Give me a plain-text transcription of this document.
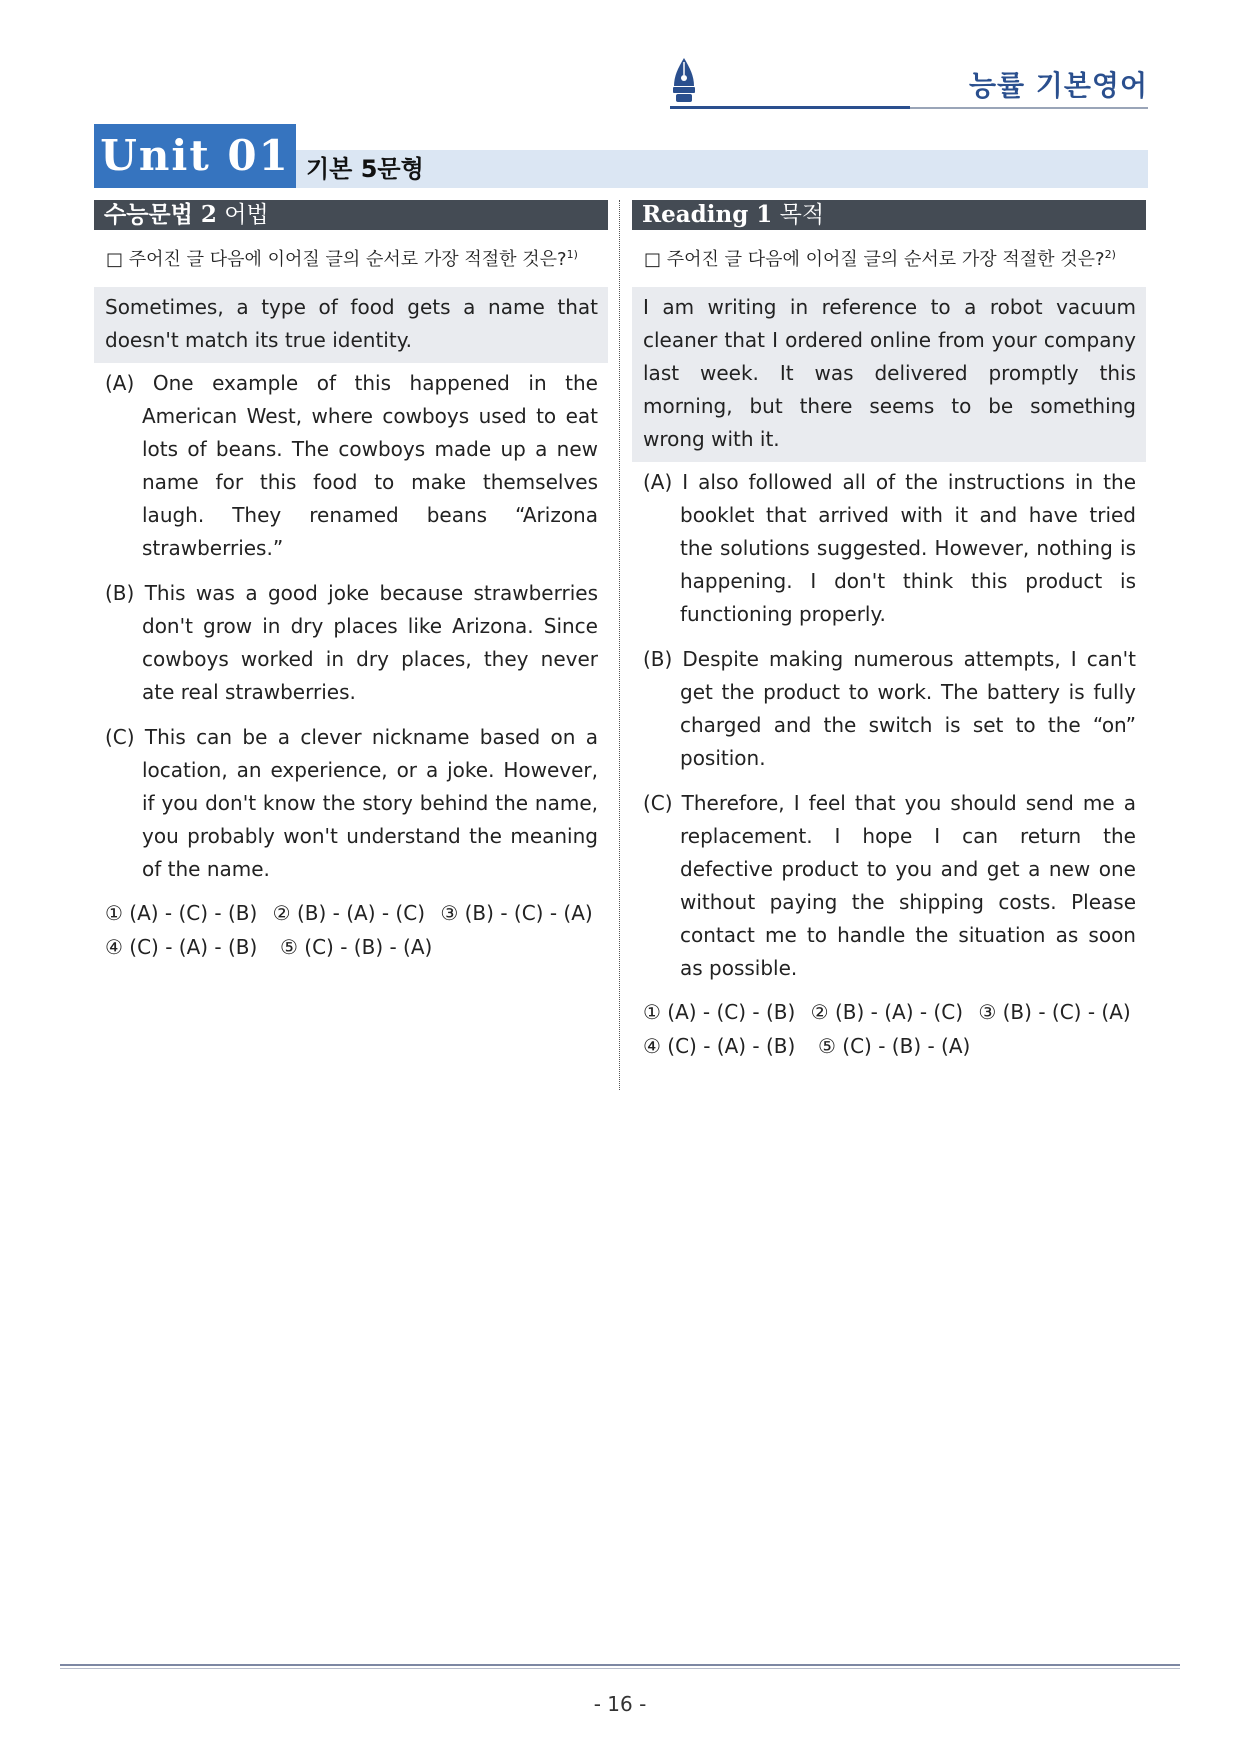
능률 기본영어
Unit 01 기본 5문형
수능문법 2 어법
□ 주어진 글 다음에 이어질 글의 순서로 가장 적절한 것은?$^{1)}$
Sometimes, a type of food gets a name that doesn't match its true identity.
(A) One example of this happened in the American West, where cowboys used to eat lots of beans. The cowboys made up a new name for this food to make themselves laugh. They renamed beans “Arizona strawberries.”
(B) This was a good joke because strawberries don't grow in dry places like Arizona. Since cowboys worked in dry places, they never ate real strawberries.
(C) This can be a clever nickname based on a location, an experience, or a joke. However, if you don't know the story behind the name, you probably won't understand the meaning of the name.
① (A) - (C) - (B) ② (B) - (A) - (C) ③ (B) - (C) - (A)
④ (C) - (A) - (B)	⑤ (C) - (B) - (A)
Reading 1 목적
□ 주어진 글 다음에 이어질 글의 순서로 가장 적절한 것은?$^{2)}$
I am writing in reference to a robot vacuum cleaner that I ordered online from your company last week. It was delivered promptly this morning, but there seems to be something wrong with it.
(A) I also followed all of the instructions in the booklet that arrived with it and have tried the solutions suggested. However, nothing is happening. I don't think this product is functioning properly.
(B) Despite making numerous attempts, I can't get the product to work. The battery is fully charged and the switch is set to the “on” position.
(C) Therefore, I feel that you should send me a replacement. I hope I can return the defective product to you and get a new one without paying the shipping costs. Please contact me to handle the situation as soon as possible.
① (A) - (C) - (B) ② (B) - (A) - (C) ③ (B) - (C) - (A)
④ (C) - (A) - (B)	⑤ (C) - (B) - (A)
- 16 -
